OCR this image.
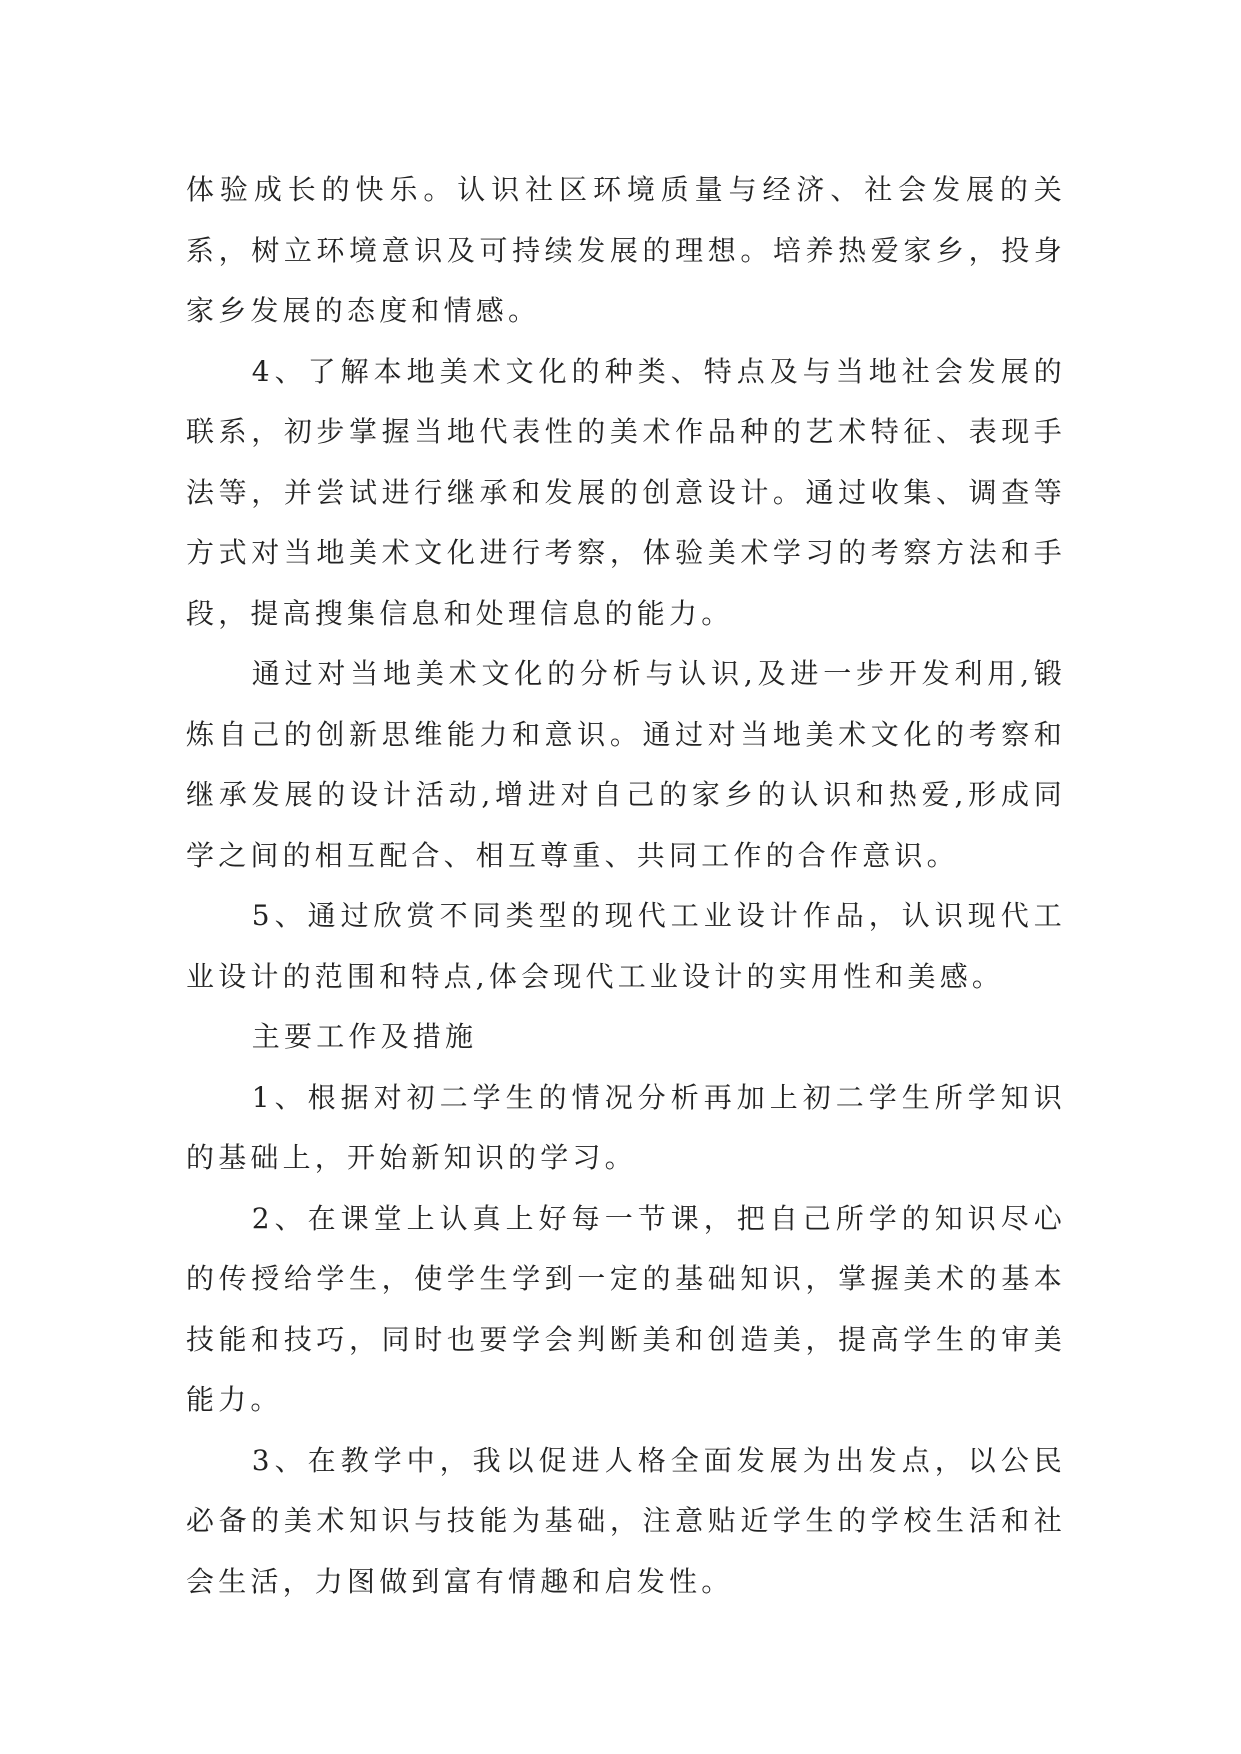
体验成长的快乐。认识社区环境质量与经济、社会发展的关系，树立环境意识及可持续发展的理想。培养热爱家乡，投身家乡发展的态度和情感。

4、了解本地美术文化的种类、特点及与当地社会发展的联系，初步掌握当地代表性的美术作品种的艺术特征、表现手法等，并尝试进行继承和发展的创意设计。通过收集、调查等方式对当地美术文化进行考察，体验美术学习的考察方法和手段，提高搜集信息和处理信息的能力。

通过对当地美术文化的分析与认识,及进一步开发利用,锻炼自己的创新思维能力和意识。通过对当地美术文化的考察和继承发展的设计活动,增进对自己的家乡的认识和热爱,形成同学之间的相互配合、相互尊重、共同工作的合作意识。

5、通过欣赏不同类型的现代工业设计作品，认识现代工业设计的范围和特点,体会现代工业设计的实用性和美感。

主要工作及措施

1、根据对初二学生的情况分析再加上初二学生所学知识的基础上，开始新知识的学习。

2、在课堂上认真上好每一节课，把自己所学的知识尽心的传授给学生，使学生学到一定的基础知识，掌握美术的基本技能和技巧，同时也要学会判断美和创造美，提高学生的审美能力。

3、在教学中，我以促进人格全面发展为出发点，以公民必备的美术知识与技能为基础，注意贴近学生的学校生活和社会生活，力图做到富有情趣和启发性。
